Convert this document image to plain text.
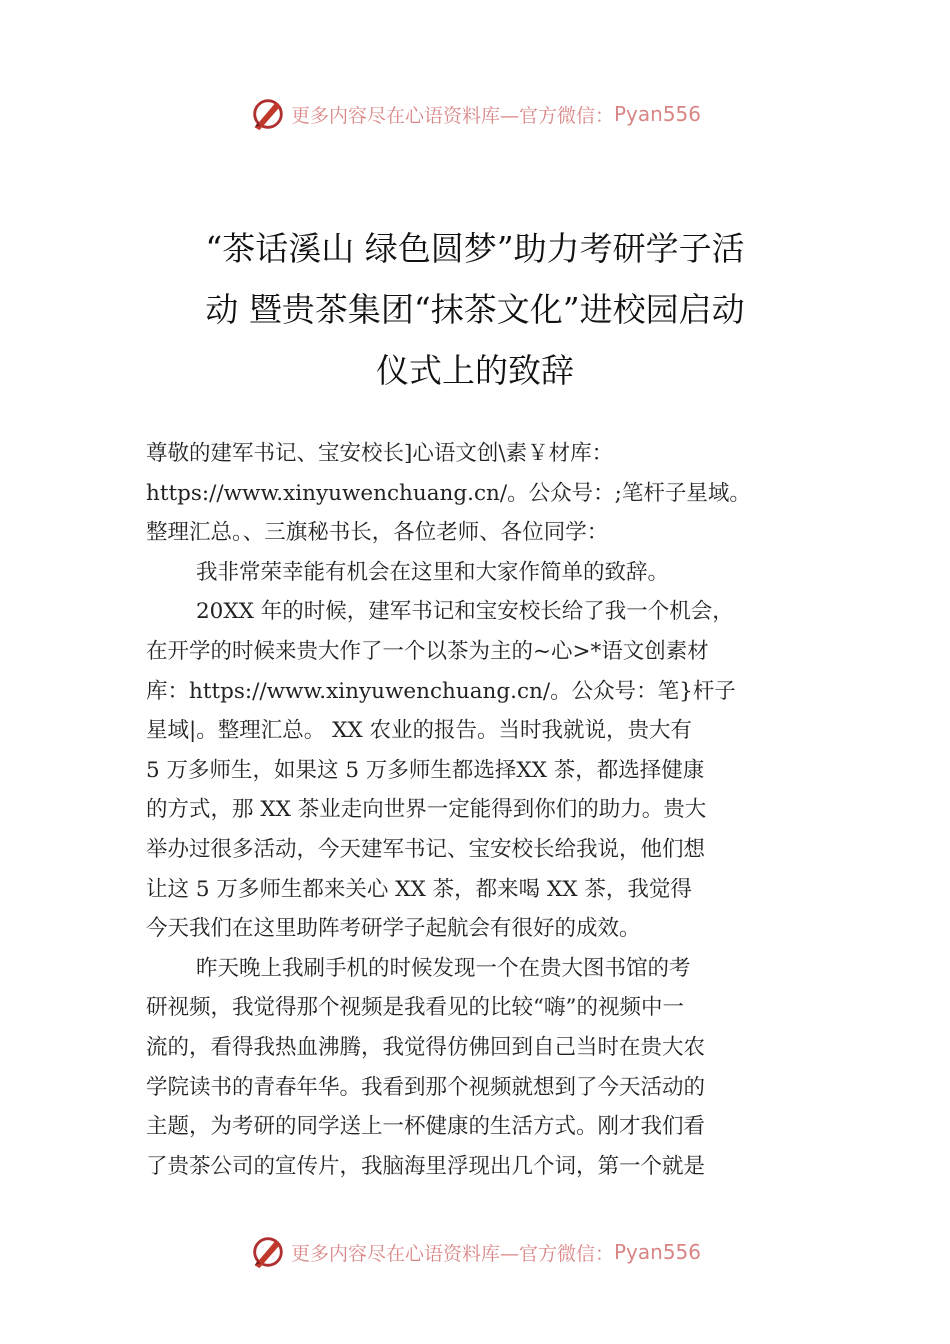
更多内容尽在心语资料库—官方微信： Pyan556
“茶话溪山 绿色圆梦”助力考研学子活
动 暨贵茶集团“抹茶文化”进校园启动
仪式上的致辞
尊敬的建军书记、宝安校长]心语文创\素￥材库：
https://www.xinyuwenchuang.cn/。公众号：;笔杆子星域。
整理汇总。、三旗秘书长，各位老师、各位同学：
我非常荣幸能有机会在这里和大家作简单的致辞。
20XX 年的时候，建军书记和宝安校长给了我一个机会，
在开学的时候来贵大作了一个以茶为主的~心>*语文创素材
库：https://www.xinyuwenchuang.cn/。公众号：笔}杆子
星域|。整理汇总。 XX 农业的报告。当时我就说，贵大有
5 万多师生，如果这 5 万多师生都选择XX 茶，都选择健康
的方式，那 XX 茶业走向世界一定能得到你们的助力。贵大
举办过很多活动，今天建军书记、宝安校长给我说，他们想
让这 5 万多师生都来关心 XX 茶，都来喝 XX 茶，我觉得
今天我们在这里助阵考研学子起航会有很好的成效。
昨天晚上我刷手机的时候发现一个在贵大图书馆的考
研视频，我觉得那个视频是我看见的比较“嗨”的视频中一
流的，看得我热血沸腾，我觉得仿佛回到自己当时在贵大农
学院读书的青春年华。我看到那个视频就想到了今天活动的
主题，为考研的同学送上一杯健康的生活方式。刚才我们看
了贵茶公司的宣传片，我脑海里浮现出几个词，第一个就是
更多内容尽在心语资料库—官方微信： Pyan556
